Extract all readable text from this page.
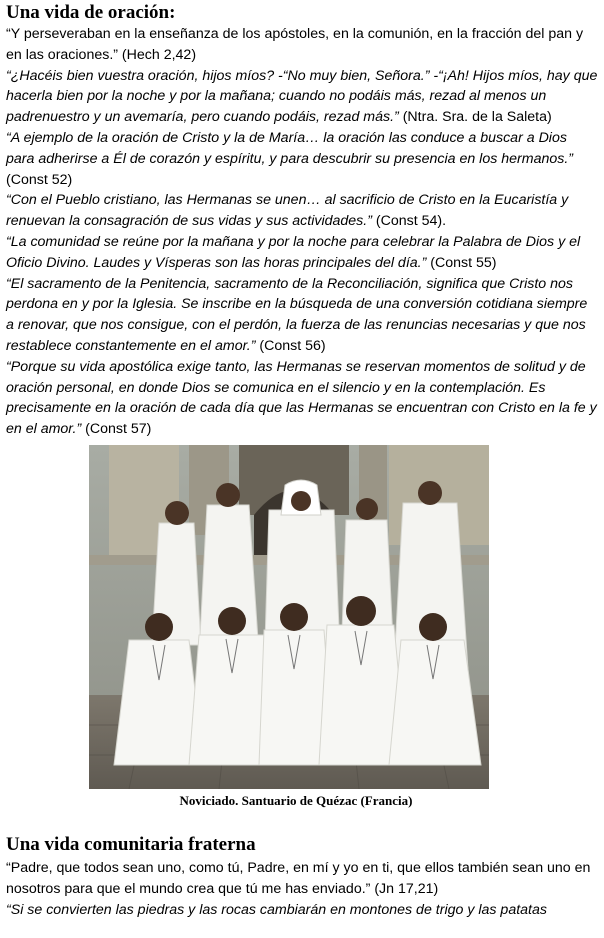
Una vida de oración:

“Y perseveraban en la enseñanza de los apóstoles, en la comunión, en la fracción del pan y en las oraciones.” (Hech 2,42)

“¿Hacéis bien vuestra oración, hijos míos? -“No muy bien, Señora.” -“¡Ah! Hijos míos, hay que hacerla bien por la noche y por la mañana; cuando no podáis más, rezad al menos un padrenuestro y un avemaría, pero cuando podáis, rezad más.” (Ntra. Sra. de la Saleta)

“A ejemplo de la oración de Cristo y la de María… la oración las conduce a buscar a Dios para adherirse a Él de corazón y espíritu, y para descubrir su presencia en los hermanos.” (Const 52)

“Con el Pueblo cristiano, las Hermanas se unen… al sacrificio de Cristo en la Eucaristía y renuevan la consagración de sus vidas y sus actividades.” (Const 54).

“La comunidad se reúne por la mañana y por la noche para celebrar la Palabra de Dios y el Oficio Divino. Laudes y Vísperas son las horas principales del día.” (Const 55)

“El sacramento de la Penitencia, sacramento de la Reconciliación, significa que Cristo nos perdona en y por la Iglesia. Se inscribe en la búsqueda de una conversión cotidiana siempre a renovar, que nos consigue, con el perdón, la fuerza de las renuncias necesarias y que nos restablece constantemente en el amor.” (Const 56)

“Porque su vida apostólica exige tanto, las Hermanas se reservan momentos de solitud y de oración personal, en donde Dios se comunica en el silencio y en la contemplación. Es precisamente en la oración de cada día que las Hermanas se encuentran con Cristo en la fe y en el amor.” (Const 57)

Noviciado. Santuario de Quézac (Francia)
Una vida comunitaria fraterna

“Padre, que todos sean uno, como tú, Padre, en mí y yo en ti, que ellos también sean uno en nosotros para que el mundo crea que tú me has enviado.” (Jn 17,21)

“Si se convierten las piedras y las rocas cambiarán en montones de trigo y las patatas
